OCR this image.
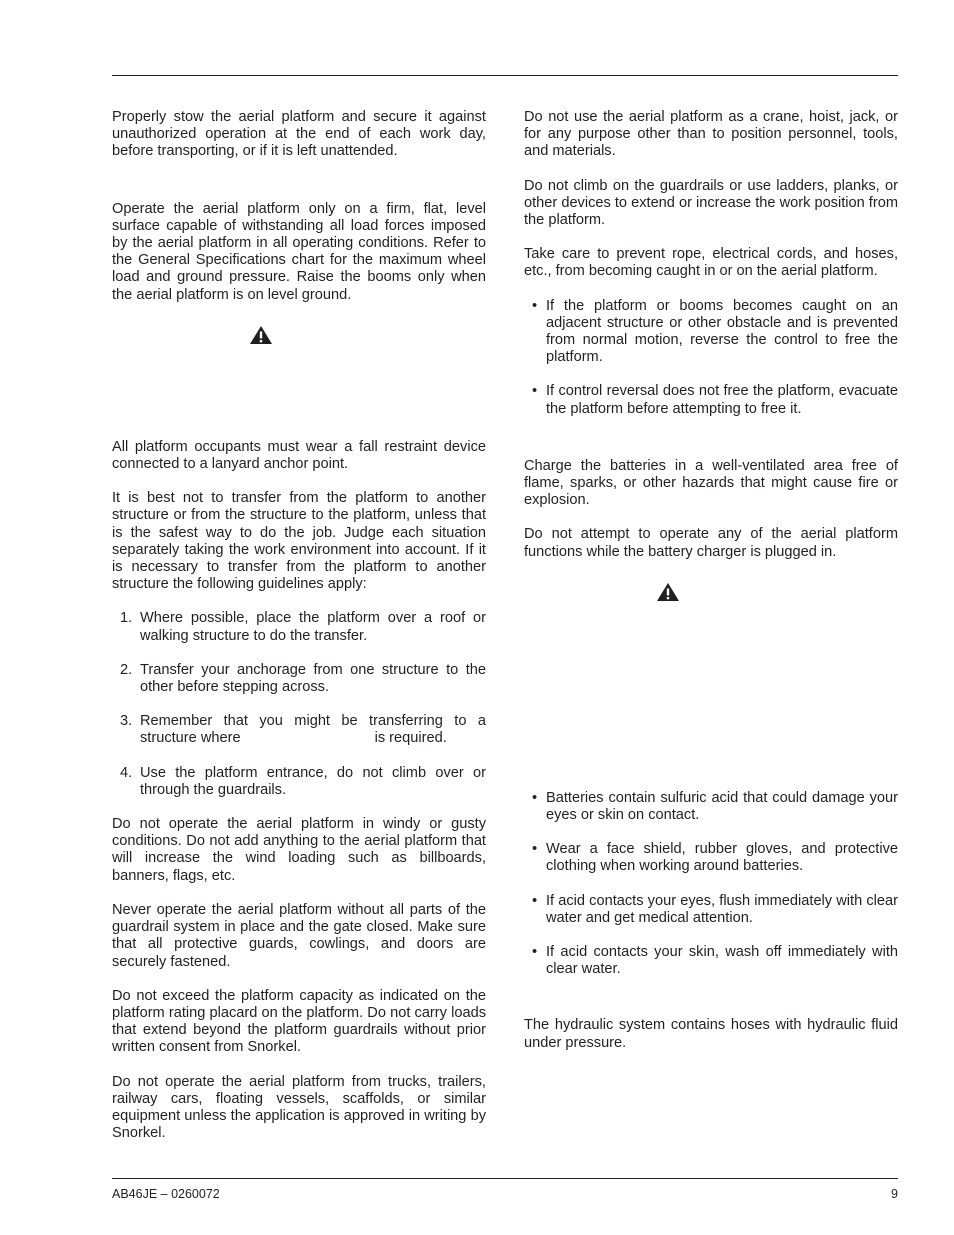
Properly stow the aerial platform and secure it against unauthorized operation at the end of each work day, before transporting, or if it is left unattended.

Operate the aerial platform only on a firm, flat, level surface capable of withstanding all load forces imposed by the aerial platform in all operating conditions. Refer to the General Specifications chart for the maximum wheel load and ground pressure. Raise the booms only when the aerial platform is on level ground.

All platform occupants must wear a fall restraint device connected to a lanyard anchor point.

It is best not to transfer from the platform to another structure or from the structure to the platform, unless that is the safest way to do the job. Judge each situation separately taking the work environment into account. If it is necessary to transfer from the platform to another structure the following guidelines apply:

1. Where possible, place the platform over a roof or walking structure to do the transfer.
2. Transfer your anchorage from one structure to the other before stepping across.
3. Remember that you might be transferring to a structure where	is required.
4. Use the platform entrance, do not climb over or through the guardrails.

Do not operate the aerial platform in windy or gusty conditions. Do not add anything to the aerial platform that will increase the wind loading such as billboards, banners, flags, etc.

Never operate the aerial platform without all parts of the guardrail system in place and the gate closed. Make sure that all protective guards, cowlings, and doors are securely fastened.

Do not exceed the platform capacity as indicated on the platform rating placard on the platform. Do not carry loads that extend beyond the platform guardrails without prior written consent from Snorkel.

Do not operate the aerial platform from trucks, trailers, railway cars, floating vessels, scaffolds, or similar equipment unless the application is approved in writing by Snorkel.

Do not use the aerial platform as a crane, hoist, jack, or for any purpose other than to position personnel, tools, and materials.

Do not climb on the guardrails or use ladders, planks, or other devices to extend or increase the work position from the platform.

Take care to prevent rope, electrical cords, and hoses, etc., from becoming caught in or on the aerial platform.

• If the platform or booms becomes caught on an adjacent structure or other obstacle and is prevented from normal motion, reverse the control to free the platform.
• If control reversal does not free the platform, evacuate the platform before attempting to free it.

Charge the batteries in a well-ventilated area free of flame, sparks, or other hazards that might cause fire or explosion.

Do not attempt to operate any of the aerial platform functions while the battery charger is plugged in.

• Batteries contain sulfuric acid that could damage your eyes or skin on contact.
• Wear a face shield, rubber gloves, and protective clothing when working around batteries.
• If acid contacts your eyes, flush immediately with clear water and get medical attention.
• If acid contacts your skin, wash off immediately with clear water.

The hydraulic system contains hoses with hydraulic fluid under pressure.

AB46JE – 0260072	9
